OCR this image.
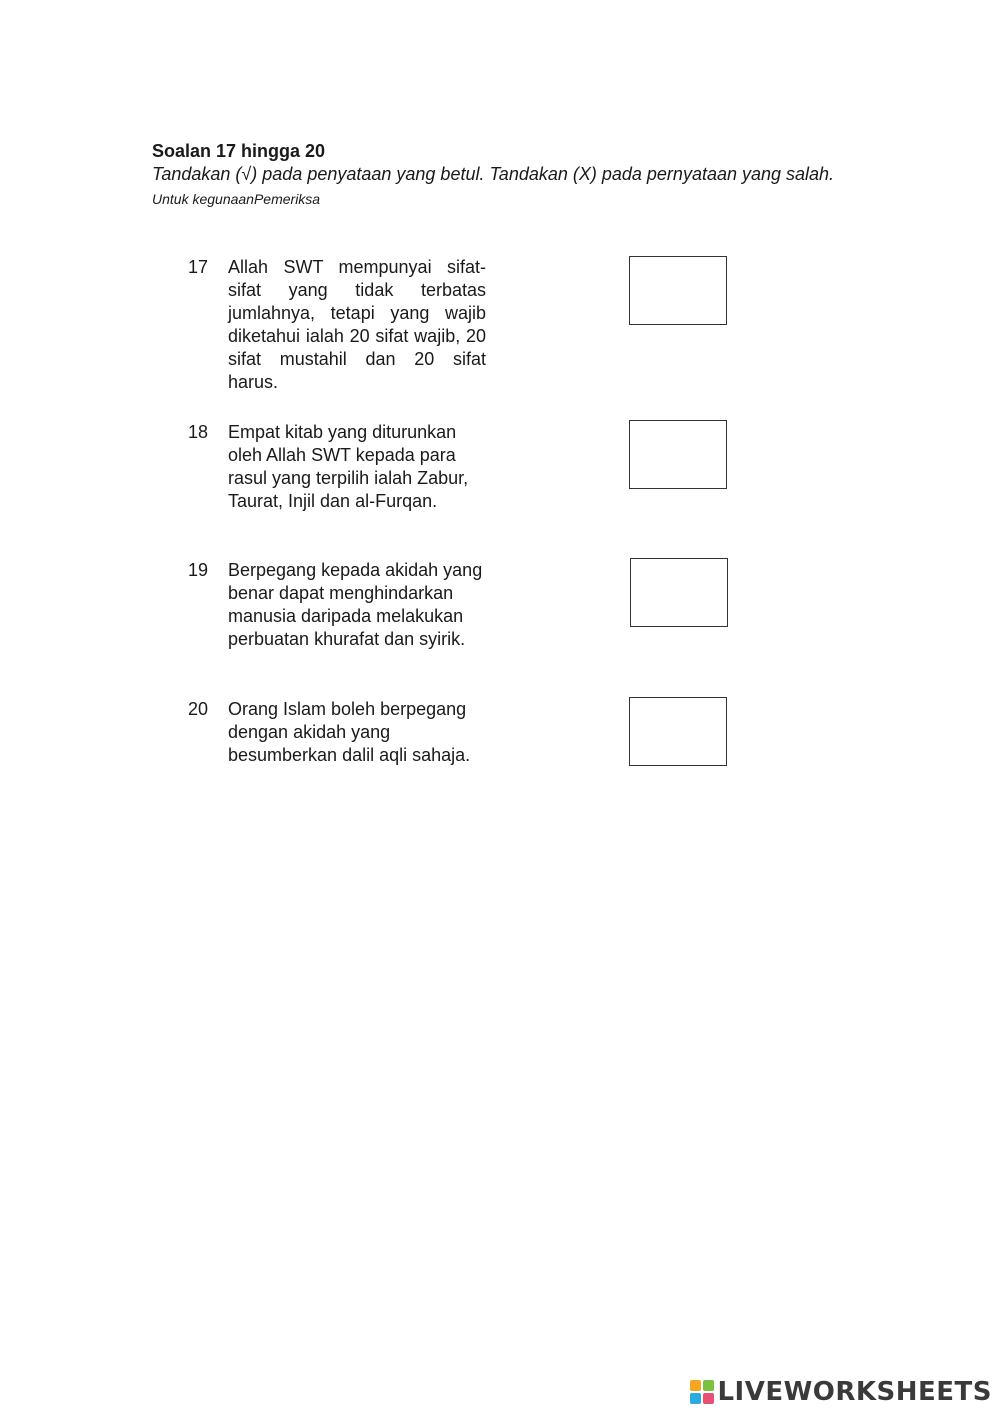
Soalan 17 hingga 20
Tandakan (√) pada penyataan yang betul. Tandakan (X) pada pernyataan yang salah.
Untuk kegunaanPemeriksa
17 Allah SWT mempunyai sifat-sifat yang tidak terbatas jumlahnya, tetapi yang wajib diketahui ialah 20 sifat wajib, 20 sifat mustahil dan 20 sifat harus.
18 Empat kitab yang diturunkan oleh Allah SWT kepada para rasul yang terpilih ialah Zabur, Taurat, Injil dan al-Furqan.
19 Berpegang kepada akidah yang benar dapat menghindarkan manusia daripada melakukan perbuatan khurafat dan syirik.
20 Orang Islam boleh berpegang dengan akidah yang besumberkan dalil aqli sahaja.
LIVEWORKSHEETS
